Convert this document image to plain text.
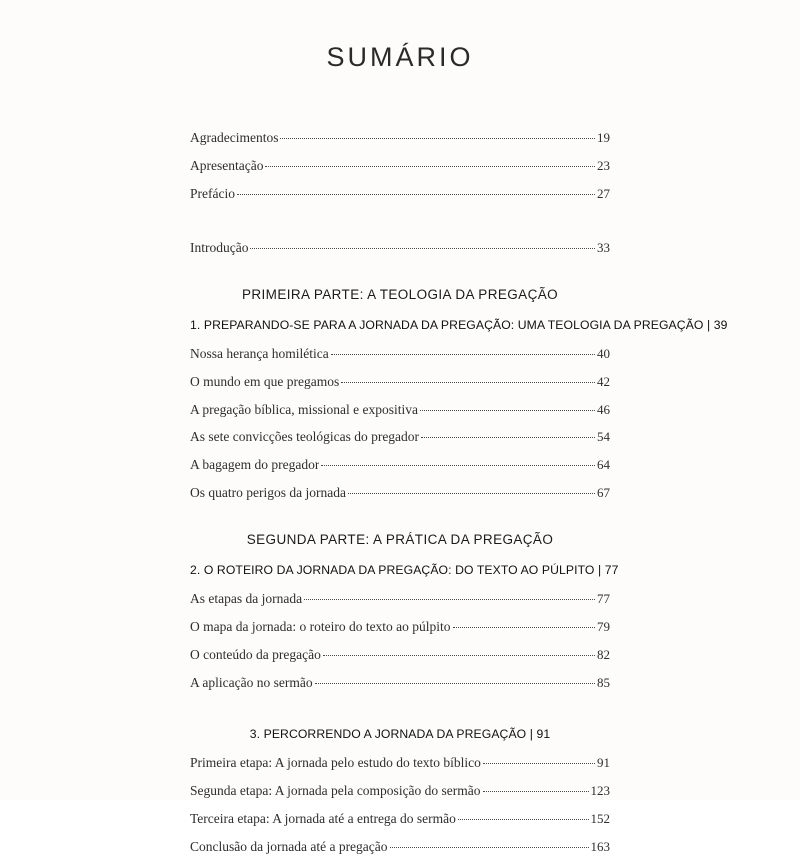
SUMÁRIO
Agradecimentos	19
Apresentação	23
Prefácio	27
Introdução	33
PRIMEIRA PARTE: A TEOLOGIA DA PREGAÇÃO
1. PREPARANDO-SE PARA A JORNADA DA PREGAÇÃO: UMA TEOLOGIA DA PREGAÇÃO | 39
Nossa herança homilética	40
O mundo em que pregamos	42
A pregação bíblica, missional e expositiva	46
As sete convicções teológicas do pregador	54
A bagagem do pregador	64
Os quatro perigos da jornada	67
SEGUNDA PARTE: A PRÁTICA DA PREGAÇÃO
2. O ROTEIRO DA JORNADA DA PREGAÇÃO: DO TEXTO AO PÚLPITO | 77
As etapas da jornada	77
O mapa da jornada: o roteiro do texto ao púlpito	79
O conteúdo da pregação	82
A aplicação no sermão	85
3. PERCORRENDO A JORNADA DA PREGAÇÃO | 91
Primeira etapa: A jornada pelo estudo do texto bíblico	91
Segunda etapa: A jornada pela composição do sermão	123
Terceira etapa: A jornada até a entrega do sermão	152
Conclusão da jornada até a pregação	163
